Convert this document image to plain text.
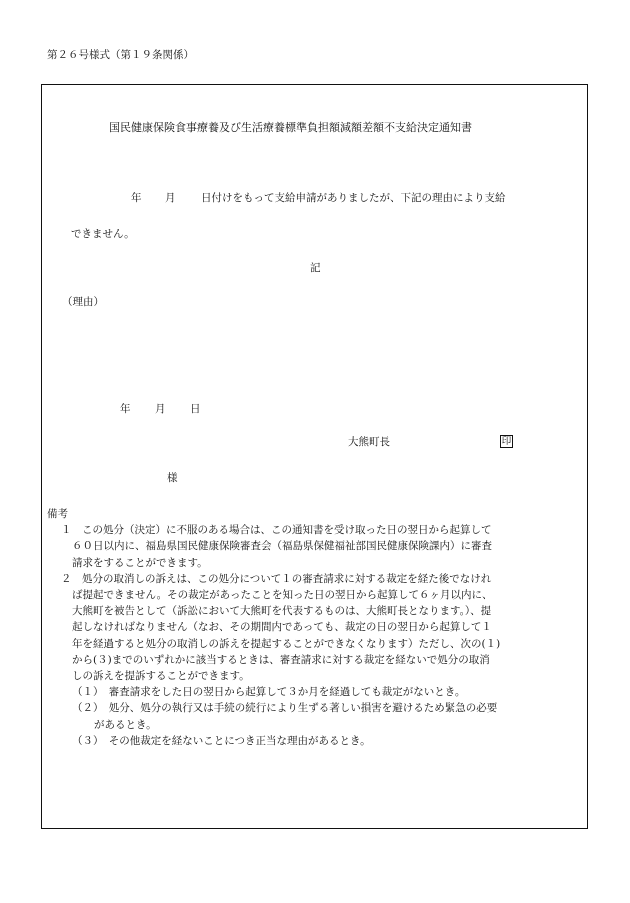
第２６号様式（第１９条関係）
国民健康保険食事療養及び生活療養標準負担額減額差額不支給決定通知書
年 月 日付けをもって支給申請がありましたが、下記の理由により支給
できません。
記
（理由）
年 月 日
大熊町長	印
様
備考
１　この処分（決定）に不服のある場合は、この通知書を受け取った日の翌日から起算して
６０日以内に、福島県国民健康保険審査会（福島県保健福祉部国民健康保険課内）に審査
請求をすることができます。
２　処分の取消しの訴えは、この処分について１の審査請求に対する裁定を経た後でなけれ
ば提起できません。その裁定があったことを知った日の翌日から起算して６ヶ月以内に、
大熊町を被告として（訴訟において大熊町を代表するものは、大熊町長となります。）、提
起しなければなりません（なお、その期間内であっても、裁定の日の翌日から起算して１
年を経過すると処分の取消しの訴えを提起することができなくなります）ただし、次の(１)
から(３)までのいずれかに該当するときは、審査請求に対する裁定を経ないで処分の取消
しの訴えを提訴することができます。
（１）　審査請求をした日の翌日から起算して３か月を経過しても裁定がないとき。
（２）　処分、処分の執行又は手続の続行により生ずる著しい損害を避けるため緊急の必要
があるとき。
（３）　その他裁定を経ないことにつき正当な理由があるとき。
